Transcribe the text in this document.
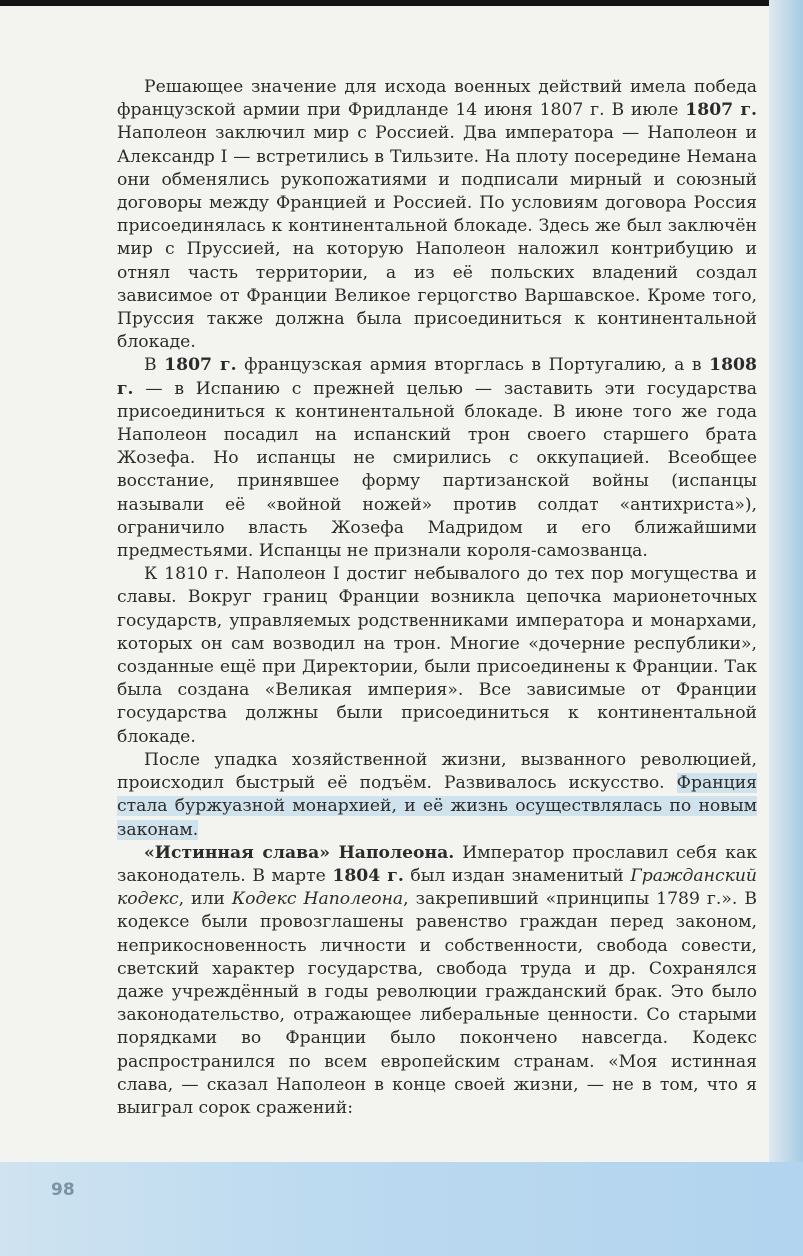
Решающее значение для исхода военных действий имела победа французской армии при Фридланде 14 июня 1807 г. В июле 1807 г. Наполеон заключил мир с Россией. Два императора — Наполеон и Александр I — встретились в Тильзите. На плоту посередине Немана они обменялись рукопожатиями и подписали мирный и союзный договоры между Францией и Россией. По условиям договора Россия присоединялась к континентальной блокаде. Здесь же был заключён мир с Пруссией, на которую Наполеон наложил контрибуцию и отнял часть территории, а из её польских владений создал зависимое от Франции Великое герцогство Варшавское. Кроме того, Пруссия также должна была присоединиться к континентальной блокаде.

В 1807 г. французская армия вторглась в Португалию, а в 1808 г. — в Испанию с прежней целью — заставить эти государства присоединиться к континентальной блокаде. В июне того же года Наполеон посадил на испанский трон своего старшего брата Жозефа. Но испанцы не смирились с оккупацией. Всеобщее восстание, принявшее форму партизанской войны (испанцы называли её «войной ножей» против солдат «антихриста»), ограничило власть Жозефа Мадридом и его ближайшими предместьями. Испанцы не признали короля-самозванца.

К 1810 г. Наполеон I достиг небывалого до тех пор могущества и славы. Вокруг границ Франции возникла цепочка марионеточных государств, управляемых родственниками императора и монархами, которых он сам возводил на трон. Многие «дочерние республики», созданные ещё при Директории, были присоединены к Франции. Так была создана «Великая империя». Все зависимые от Франции государства должны были присоединиться к континентальной блокаде.

После упадка хозяйственной жизни, вызванного революцией, происходил быстрый её подъём. Развивалось искусство. Франция стала буржуазной монархией, и её жизнь осуществлялась по новым законам.

«Истинная слава» Наполеона. Император прославил себя как законодатель. В марте 1804 г. был издан знаменитый Гражданский кодекс, или Кодекс Наполеона, закрепивший «принципы 1789 г.». В кодексе были провозглашены равенство граждан перед законом, неприкосновенность личности и собственности, свобода совести, светский характер государства, свобода труда и др. Сохранялся даже учреждённый в годы революции гражданский брак. Это было законодательство, отражающее либеральные ценности. Со старыми порядками во Франции было покончено навсегда. Кодекс распространился по всем европейским странам. «Моя истинная слава, — сказал Наполеон в конце своей жизни, — не в том, что я выиграл сорок сражений:

98
